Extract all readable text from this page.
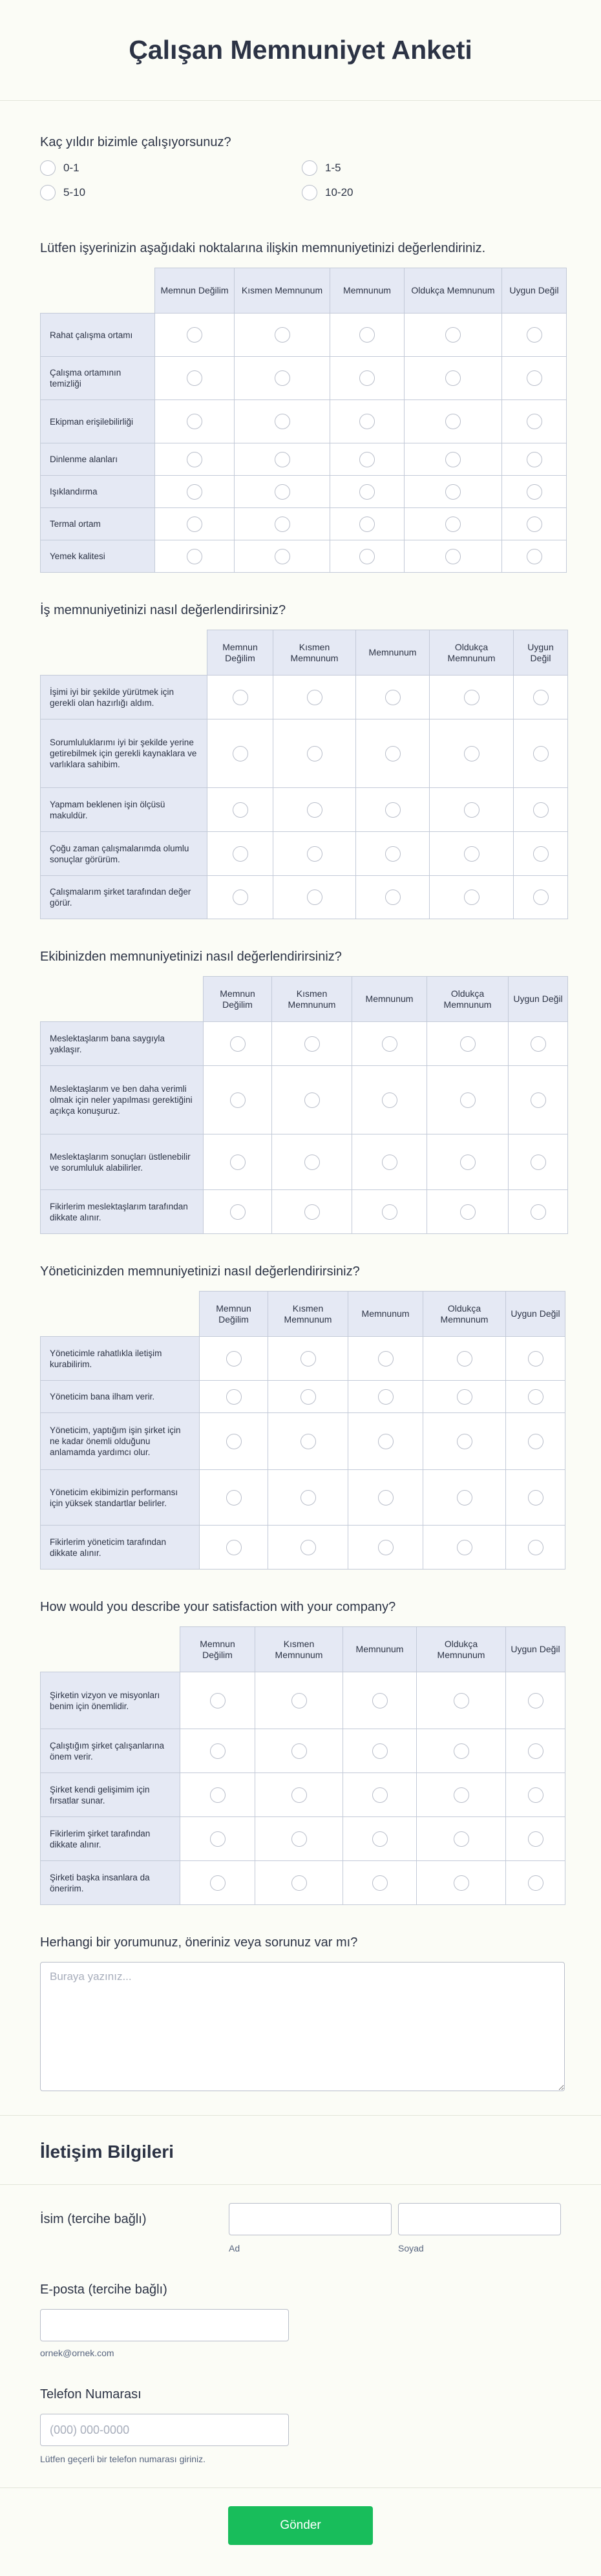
Çalışan Memnuniyet Anketi
Kaç yıldır bizimle çalışıyorsunuz?
0-1	1-5
5-10	10-20
Lütfen işyerinizin aşağıdaki noktalarına ilişkin memnuniyetinizi değerlendiriniz.
	Memnun Değilim	Kısmen Memnunum	Memnunum	Oldukça Memnunum	Uygun Değil
Rahat çalışma ortamı					
Çalışma ortamının temizliği					
Ekipman erişilebilirliği					
Dinlenme alanları					
Işıklandırma					
Termal ortam					
Yemek kalitesi					
İş memnuniyetinizi nasıl değerlendirirsiniz?
	Memnun Değilim	Kısmen Memnunum	Memnunum	Oldukça Memnunum	Uygun Değil
İşimi iyi bir şekilde yürütmek için gerekli olan hazırlığı aldım.					
Sorumluluklarımı iyi bir şekilde yerine getirebilmek için gerekli kaynaklara ve varlıklara sahibim.					
Yapmam beklenen işin ölçüsü makuldür.					
Çoğu zaman çalışmalarımda olumlu sonuçlar görürüm.					
Çalışmalarım şirket tarafından değer görür.					
Ekibinizden memnuniyetinizi nasıl değerlendirirsiniz?
	Memnun Değilim	Kısmen Memnunum	Memnunum	Oldukça Memnunum	Uygun Değil
Meslektaşlarım bana saygıyla yaklaşır.					
Meslektaşlarım ve ben daha verimli olmak için neler yapılması gerektiğini açıkça konuşuruz.					
Meslektaşlarım sonuçları üstlenebilir ve sorumluluk alabilirler.					
Fikirlerim meslektaşlarım tarafından dikkate alınır.					
Yöneticinizden memnuniyetinizi nasıl değerlendirirsiniz?
	Memnun Değilim	Kısmen Memnunum	Memnunum	Oldukça Memnunum	Uygun Değil
Yöneticimle rahatlıkla iletişim kurabilirim.					
Yöneticim bana ilham verir.					
Yöneticim, yaptığım işin şirket için ne kadar önemli olduğunu anlamamda yardımcı olur.					
Yöneticim ekibimizin performansı için yüksek standartlar belirler.					
Fikirlerim yöneticim tarafından dikkate alınır.					
How would you describe your satisfaction with your company?
	Memnun Değilim	Kısmen Memnunum	Memnunum	Oldukça Memnunum	Uygun Değil
Şirketin vizyon ve misyonları benim için önemlidir.					
Çalıştığım şirket çalışanlarına önem verir.					
Şirket kendi gelişimim için fırsatlar sunar.					
Fikirlerim şirket tarafından dikkate alınır.					
Şirketi başka insanlara da öneririm.					
Herhangi bir yorumunuz, öneriniz veya sorunuz var mı?
Buraya yazınız...
İletişim Bilgileri
İsim (tercihe bağlı)
Ad	Soyad
E-posta (tercihe bağlı)
ornek@ornek.com
Telefon Numarası
(000) 000-0000
Lütfen geçerli bir telefon numarası giriniz.
Gönder
